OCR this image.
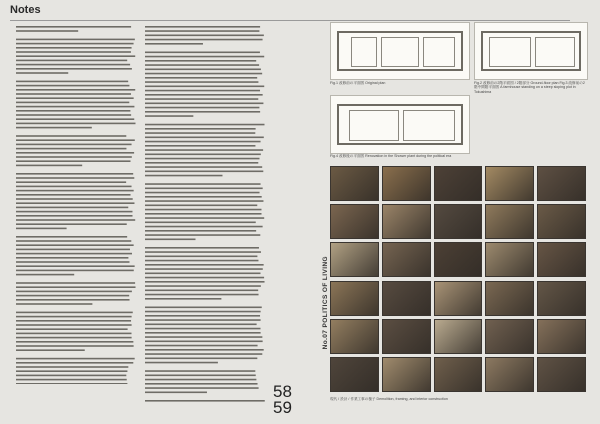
Notes
58
59
No.07 POLITICS OF LIVING
Fig.1 改修前の平面図 Original plan	Fig.2 改修前の2階平面図 / 2階部分 Ground-floor plan Fig.3 改修前の2階中間階平面図 A farmhouse standing on a steep sloping plot in Tokushima
Fig.4 改修後の平面図 Renovation in the Shower plant during the political era
現代 / 設計 / 作業工事の様子 Demolition, framing, and interior construction
